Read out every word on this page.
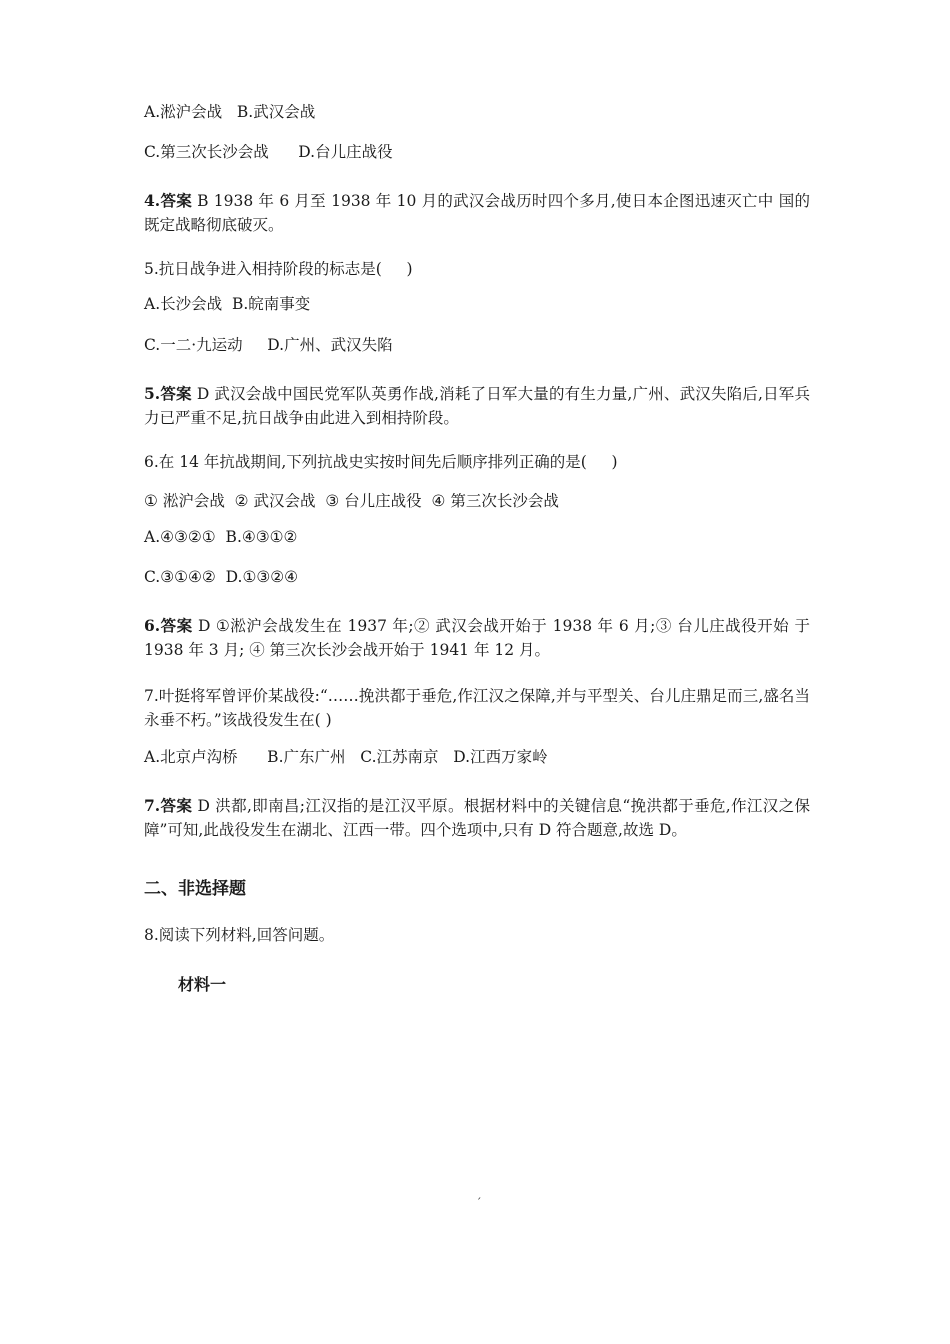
A.淞沪会战   B.武汉会战
C.第三次长沙会战      D.台儿庄战役
4.答案 B 1938 年 6 月至 1938 年 10 月的武汉会战历时四个多月,使日本企图迅速灭亡中 国的既定战略彻底破灭。
5.抗日战争进入相持阶段的标志是(     )
A.长沙会战  B.皖南事变
C.一二·九运动     D.广州、武汉失陷
5.答案 D 武汉会战中国民党军队英勇作战,消耗了日军大量的有生力量,广州、武汉失陷后,日军兵力已严重不足,抗日战争由此进入到相持阶段。
6.在 14 年抗战期间,下列抗战史实按时间先后顺序排列正确的是(     )
① 淞沪会战  ② 武汉会战  ③ 台儿庄战役  ④ 第三次长沙会战
A.④③②①  B.④③①②
C.③①④②  D.①③②④
6.答案 D ①淞沪会战发生在 1937 年;② 武汉会战开始于 1938 年 6 月;③ 台儿庄战役开始 于 1938 年 3 月; ④ 第三次长沙会战开始于 1941 年 12 月。
7.叶挺将军曾评价某战役:“……挽洪都于垂危,作江汉之保障,并与平型关、台儿庄鼎足而三,盛名当永垂不朽。”该战役发生在( )
A.北京卢沟桥      B.广东广州   C.江苏南京   D.江西万家岭
7.答案 D 洪都,即南昌;江汉指的是江汉平原。根据材料中的关键信息“挽洪都于垂危,作江汉之保障”可知,此战役发生在湖北、江西一带。四个选项中,只有 D 符合题意,故选 D。
二、非选择题
8.阅读下列材料,回答问题。
材料一
ˊ
